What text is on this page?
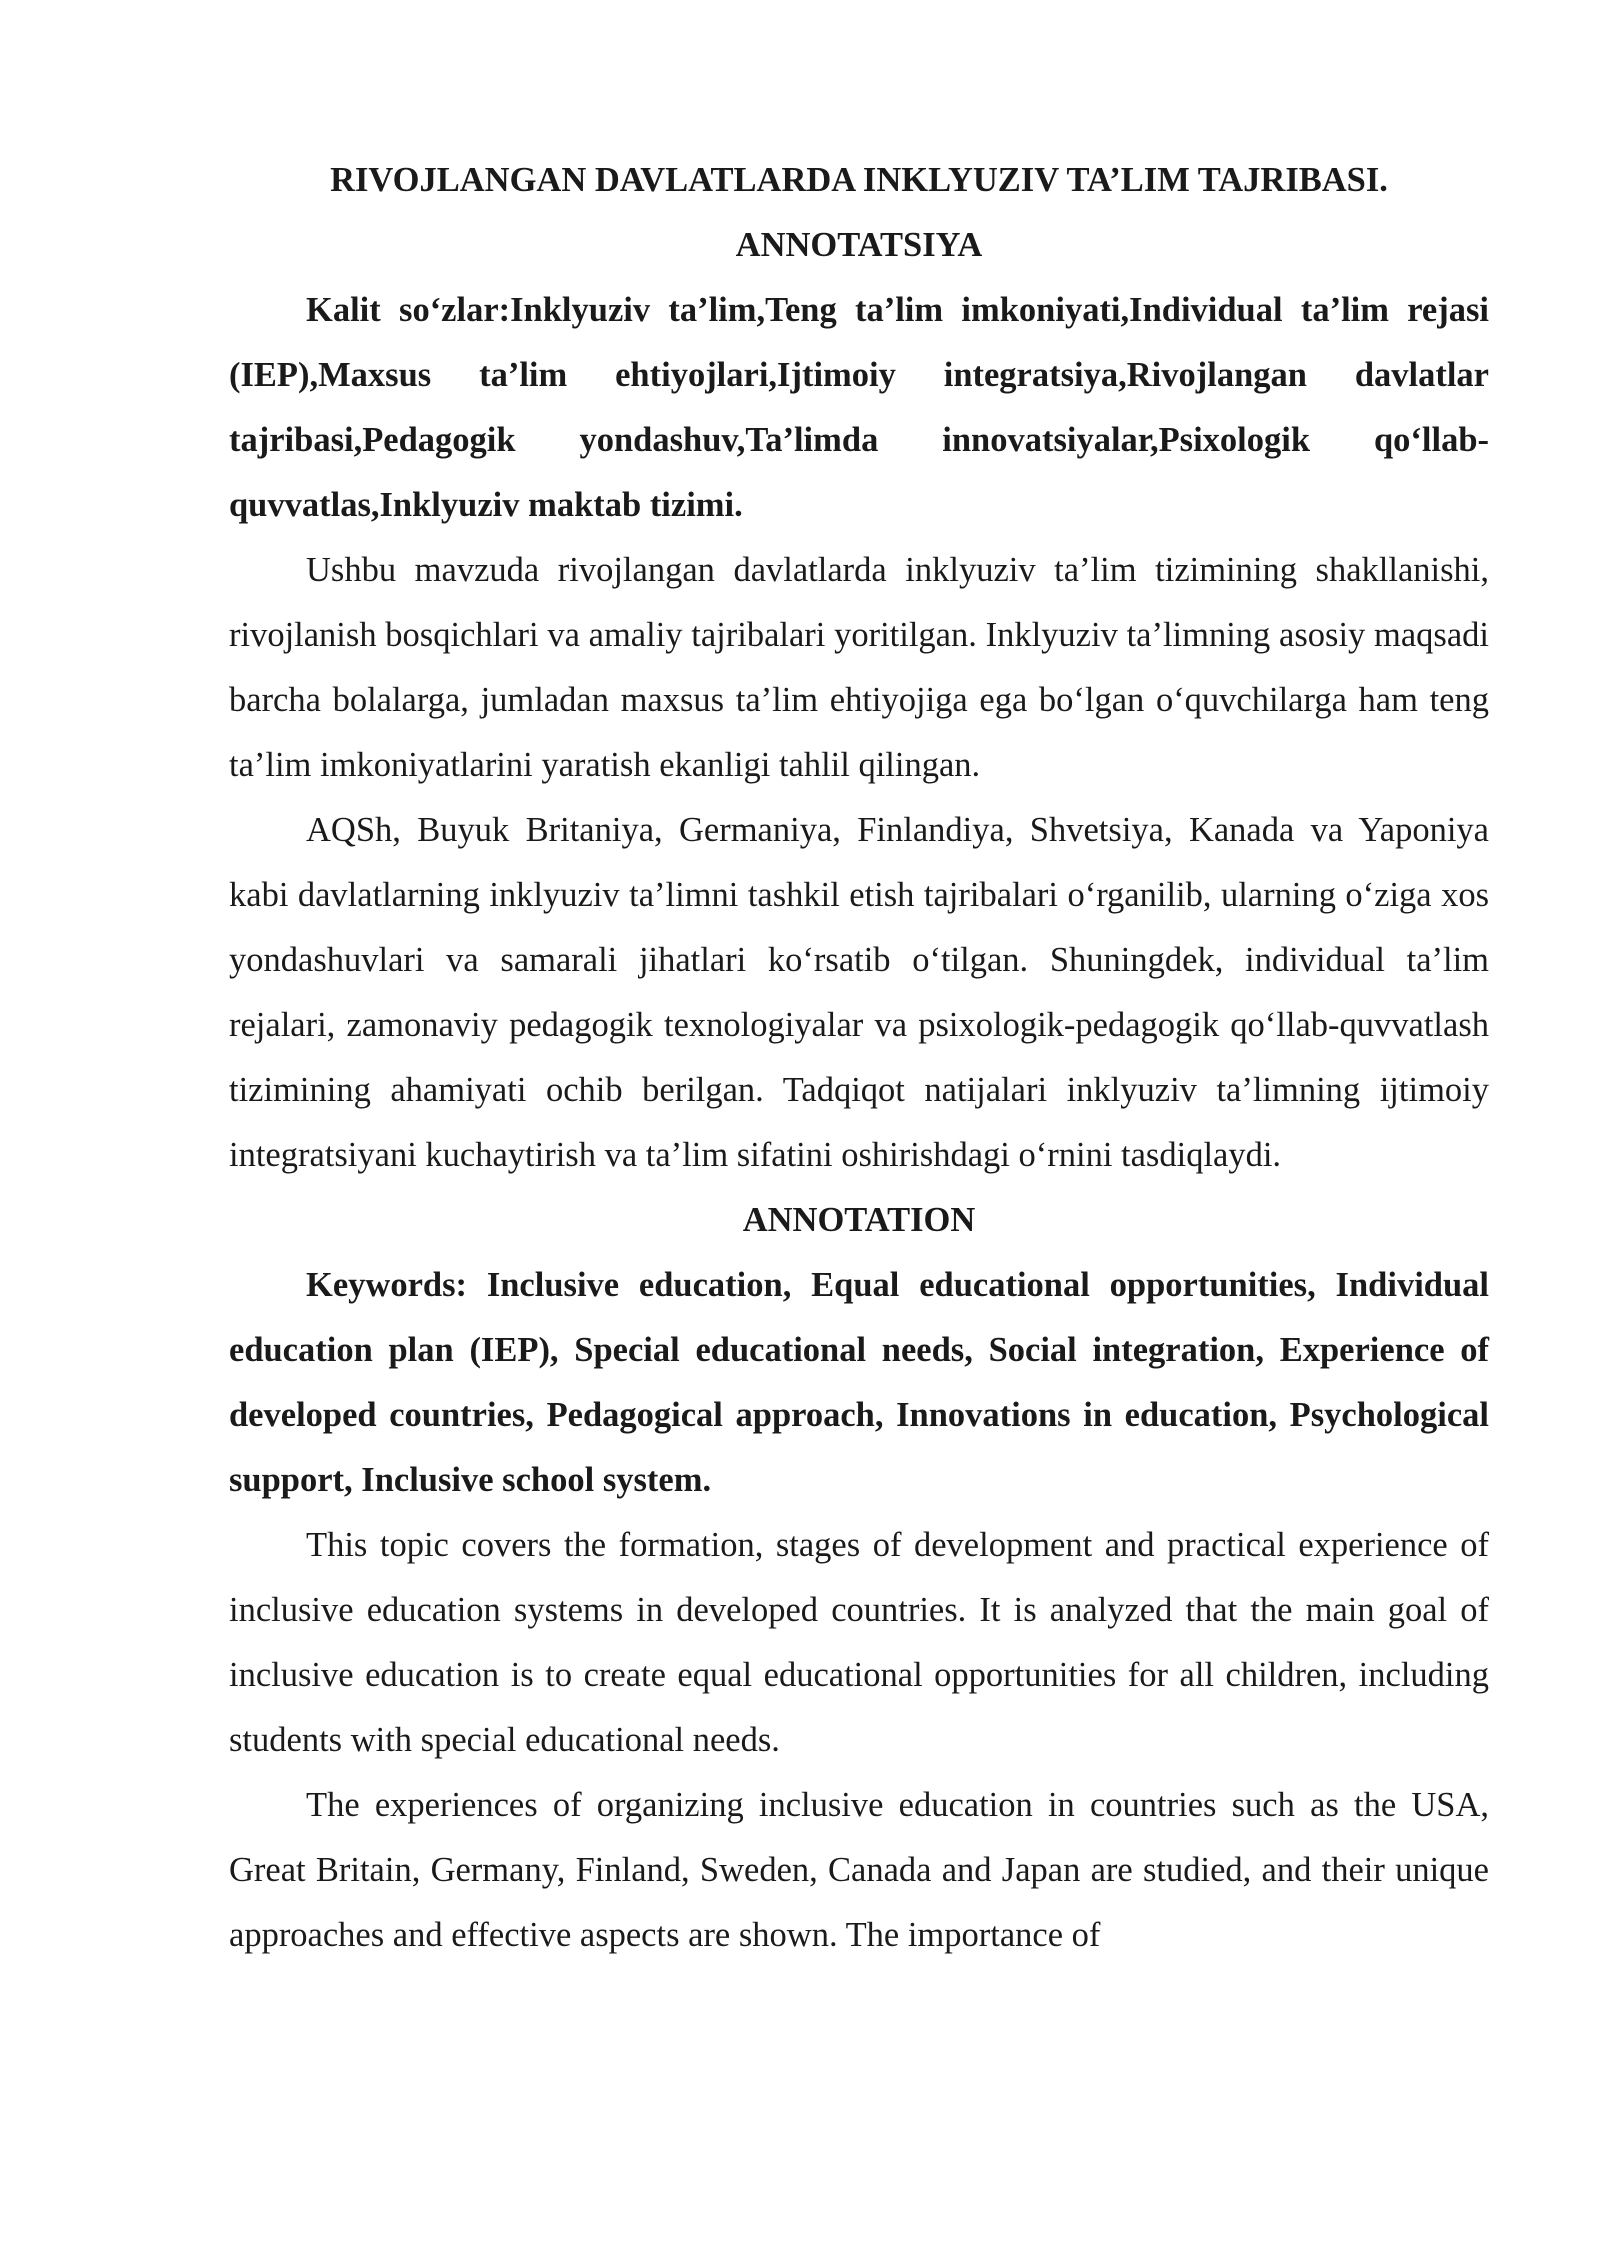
RIVOJLANGAN DAVLATLARDA INKLYUZIV TA’LIM TAJRIBASI.

ANNOTATSIYA

Kalit so‘zlar:Inklyuziv ta’lim,Teng ta’lim imkoniyati,Individual ta’lim rejasi (IEP),Maxsus ta’lim ehtiyojlari,Ijtimoiy integratsiya,Rivojlangan davlatlar tajribasi,Pedagogik yondashuv,Ta’limda innovatsiyalar,Psixologik qo‘llab-quvvatlas,Inklyuziv maktab tizimi.

Ushbu mavzuda rivojlangan davlatlarda inklyuziv ta’lim tizimining shakllanishi, rivojlanish bosqichlari va amaliy tajribalari yoritilgan. Inklyuziv ta’limning asosiy maqsadi barcha bolalarga, jumladan maxsus ta’lim ehtiyojiga ega bo‘lgan o‘quvchilarga ham teng ta’lim imkoniyatlarini yaratish ekanligi tahlil qilingan.

AQSh, Buyuk Britaniya, Germaniya, Finlandiya, Shvetsiya, Kanada va Yaponiya kabi davlatlarning inklyuziv ta’limni tashkil etish tajribalari o‘rganilib, ularning o‘ziga xos yondashuvlari va samarali jihatlari ko‘rsatib o‘tilgan. Shuningdek, individual ta’lim rejalari, zamonaviy pedagogik texnologiyalar va psixologik-pedagogik qo‘llab-quvvatlash tizimining ahamiyati ochib berilgan. Tadqiqot natijalari inklyuziv ta’limning ijtimoiy integratsiyani kuchaytirish va ta’lim sifatini oshirishdagi o‘rnini tasdiqlaydi.

ANNOTATION

Keywords: Inclusive education, Equal educational opportunities, Individual education plan (IEP), Special educational needs, Social integration, Experience of developed countries, Pedagogical approach, Innovations in education, Psychological support, Inclusive school system.

This topic covers the formation, stages of development and practical experience of inclusive education systems in developed countries. It is analyzed that the main goal of inclusive education is to create equal educational opportunities for all children, including students with special educational needs.

The experiences of organizing inclusive education in countries such as the USA, Great Britain, Germany, Finland, Sweden, Canada and Japan are studied, and their unique approaches and effective aspects are shown. The importance of
